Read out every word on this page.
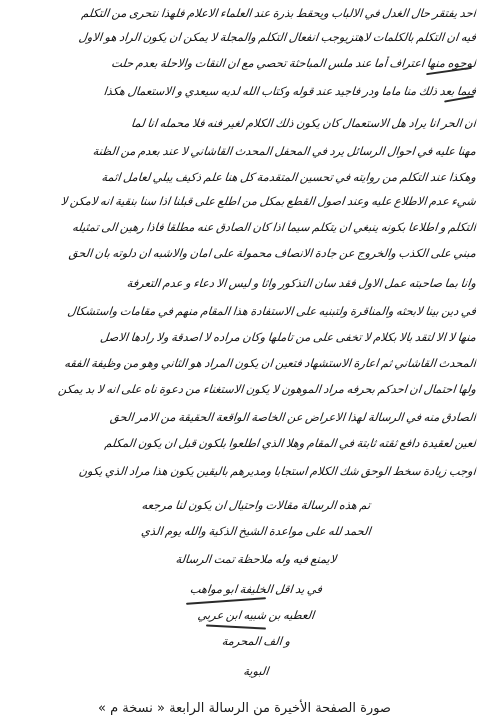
احد يفتقر حال الغدل في الالباب ويحقط بذرة عند العلماء الاعلام فلهذا نتحرى من التكلم
فيه ان التكلم بالكلمات لاهتزيوجب انفعال التكلم والمجلة لا يمكن ان يكون الراد هو الاول
لوجوه منها اعتراف أما عند ملس المباحثة تحصي مع ان النقات والاحلة بعدم حلت
فيما بعد ذلك منا ماما ودر فاجيد عند قوله وكتاب الله لديه سيعدي و الاستعمال هكذا
ان الحر انا يراد هل الاستعمال كان يكون ذلك الكلام لغير فنه فلا محمله انا لما
مهنا عليه في احوال الرسائل يرد في المحفل المحدث القاشاني لا عند بعدم من الظنة
وهكذا عند التكلم من روايته في تحسين المتقدمة كل هنا علم ذكيف يبلي لعامل اثمة
شيء عدم الاطلاع عليه وعند اصول القطع بمكل من اطلع على قبلنا اذا سنا بنقية انه لامكن لا
التكلم و اطلاعا بكونه ينبغي ان يتكلم سيما اذا كان الصادق عنه مطلقا فاذا رهين الى تمثيله
مبني على الكذب والخروج عن جادة الانصاف محمولة على امان والاشبه ان دلوته بان الحق
وانا بما صاحبته عمل الاول فقد سان التذكور واثا و ليس الا دعاء و عدم التعرفة
في دين بينا لابحثه والمناقرة ولتبنيه على الاستفادة هذا المقام منهم في مقامات واستشكال
منها لا الا لتقد بالا بكلام لا تخفى على من تاملها وكان مراده لا اصدقة ولا رادها الاصل
المحدث القاشاني ثم اعارة الاستشهاد فتعين ان يكون المراد هو الثاني وهو من وظيفة الفقه
ولها احتمال ان احدكم بحرفه مراد الموهون لا يكون الاستغناء من دعوة ناه على انه لا بد يمكن
الصادق منه في الرسالة لهذا الاعراض عن الخاصة الواقعة الحقيقة من الامر الحق
لعين لعقيدة دافع ثقته ثابتة في المقام وهلا الذي اطلعوا بلكون قبل ان يكون المكلم
اوجب زيادة سخط الوحق شك الكلام استجابا ومديرهم باليقين يكون هذا مراد الذي يكون
تم هذه الرسالة مقالات واحتيال ان يكون لنا مرجعه
الحمد لله على مواعدة الشيخ الذكية والله يوم الذي
لايمنع فيه وله ملاحظة تمت الرسالة
في يد اقل الخليفة ابو مواهب
العطيه بن شبيه ابن عربي
و الف المحرمة
البوية
صورة الصفحة الأخيرة من الرسالة الرابعة « نسخة م »
